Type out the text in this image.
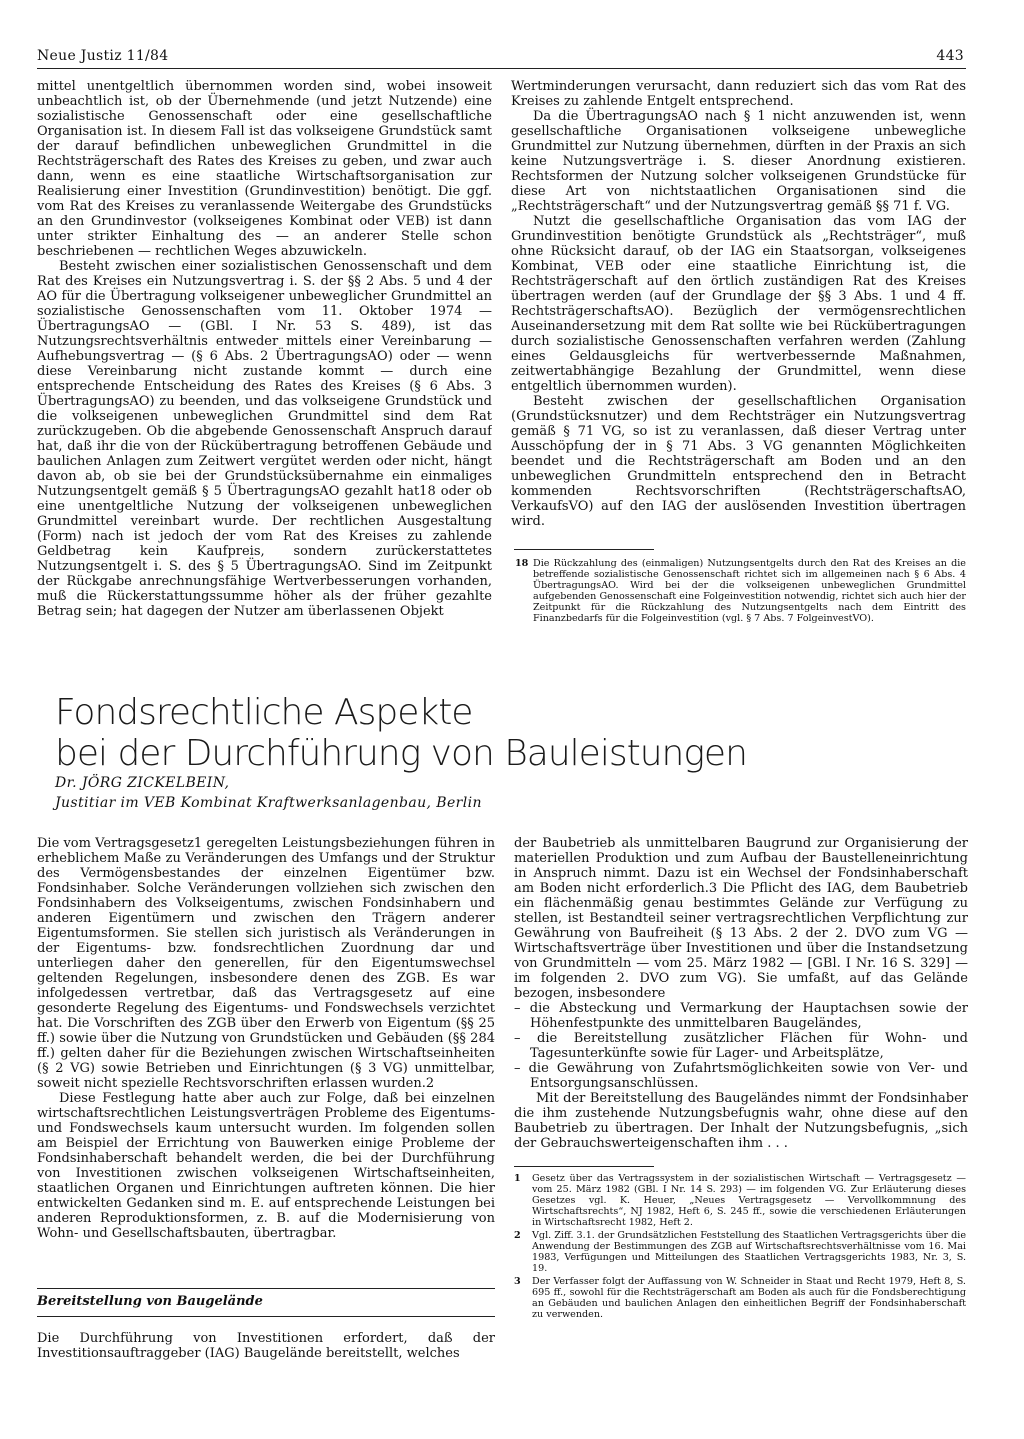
Neue Justiz 11/84	443

mittel unentgeltlich übernommen worden sind, wobei insoweit unbeachtlich ist, ob der Übernehmende (und jetzt Nutzende) eine sozialistische Genossenschaft oder eine gesellschaftliche Organisation ist. In diesem Fall ist das volkseigene Grundstück samt der darauf befindlichen unbeweglichen Grundmittel in die Rechtsträgerschaft des Rates des Kreises zu geben, und zwar auch dann, wenn es eine staatliche Wirtschaftsorganisation zur Realisierung einer Investition (Grundinvestition) benötigt. Die ggf. vom Rat des Kreises zu veranlassende Weitergabe des Grundstücks an den Grundinvestor (volkseigenes Kombinat oder VEB) ist dann unter strikter Einhaltung des — an anderer Stelle schon beschriebenen — rechtlichen Weges abzuwickeln.

Besteht zwischen einer sozialistischen Genossenschaft und dem Rat des Kreises ein Nutzungsvertrag i. S. der §§ 2 Abs. 5 und 4 der AO für die Übertragung volkseigener unbeweglicher Grundmittel an sozialistische Genossenschaften vom 11. Oktober 1974 — ÜbertragungsAO — (GBl. I Nr. 53 S. 489), ist das Nutzungsrechtsverhältnis entweder mittels einer Vereinbarung — Aufhebungsvertrag — (§ 6 Abs. 2 ÜbertragungsAO) oder — wenn diese Vereinbarung nicht zustande kommt — durch eine entsprechende Entscheidung des Rates des Kreises (§ 6 Abs. 3 ÜbertragungsAO) zu beenden, und das volkseigene Grundstück und die volkseigenen unbeweglichen Grundmittel sind dem Rat zurückzugeben. Ob die abgebende Genossenschaft Anspruch darauf hat, daß ihr die von der Rückübertragung betroffenen Gebäude und baulichen Anlagen zum Zeitwert vergütet werden oder nicht, hängt davon ab, ob sie bei der Grundstücksübernahme ein einmaliges Nutzungsentgelt gemäß § 5 ÜbertragungsAO gezahlt hat18 oder ob eine unentgeltliche Nutzung der volkseigenen unbeweglichen Grundmittel vereinbart wurde. Der rechtlichen Ausgestaltung (Form) nach ist jedoch der vom Rat des Kreises zu zahlende Geldbetrag kein Kaufpreis, sondern zurückerstattetes Nutzungsentgelt i. S. des § 5 ÜbertragungsAO. Sind im Zeitpunkt der Rückgabe anrechnungsfähige Wertverbesserungen vorhanden, muß die Rückerstattungssumme höher als der früher gezahlte Betrag sein; hat dagegen der Nutzer am überlassenen Objekt

Wertminderungen verursacht, dann reduziert sich das vom Rat des Kreises zu zahlende Entgelt entsprechend.

Da die ÜbertragungsAO nach § 1 nicht anzuwenden ist, wenn gesellschaftliche Organisationen volkseigene unbewegliche Grundmittel zur Nutzung übernehmen, dürften in der Praxis an sich keine Nutzungsverträge i. S. dieser Anordnung existieren. Rechtsformen der Nutzung solcher volkseigenen Grundstücke für diese Art von nichtstaatlichen Organisationen sind die „Rechtsträgerschaft“ und der Nutzungsvertrag gemäß §§ 71 f. VG.

Nutzt die gesellschaftliche Organisation das vom IAG der Grundinvestition benötigte Grundstück als „Rechtsträger“, muß ohne Rücksicht darauf, ob der IAG ein Staatsorgan, volkseigenes Kombinat, VEB oder eine staatliche Einrichtung ist, die Rechtsträgerschaft auf den örtlich zuständigen Rat des Kreises übertragen werden (auf der Grundlage der §§ 3 Abs. 1 und 4 ff. RechtsträgerschaftsAO). Bezüglich der vermögensrechtlichen Auseinandersetzung mit dem Rat sollte wie bei Rückübertragungen durch sozialistische Genossenschaften verfahren werden (Zahlung eines Geldausgleichs für wertverbessernde Maßnahmen, zeitwertabhängige Bezahlung der Grundmittel, wenn diese entgeltlich übernommen wurden).

Besteht zwischen der gesellschaftlichen Organisation (Grundstücksnutzer) und dem Rechtsträger ein Nutzungsvertrag gemäß § 71 VG, so ist zu veranlassen, daß dieser Vertrag unter Ausschöpfung der in § 71 Abs. 3 VG genannten Möglichkeiten beendet und die Rechtsträgerschaft am Boden und an den unbeweglichen Grundmitteln entsprechend den in Betracht kommenden Rechtsvorschriften (RechtsträgerschaftsAO, VerkaufsVO) auf den IAG der auslösenden Investition übertragen wird.

18 Die Rückzahlung des (einmaligen) Nutzungsentgelts durch den Rat des Kreises an die betreffende sozialistische Genossenschaft richtet sich im allgemeinen nach § 6 Abs. 4 ÜbertragungsAO. Wird bei der die volkseigenen unbeweglichen Grundmittel aufgebenden Genossenschaft eine Folgeinvestition notwendig, richtet sich auch hier der Zeitpunkt für die Rückzahlung des Nutzungsentgelts nach dem Eintritt des Finanzbedarfs für die Folgeinvestition (vgl. § 7 Abs. 7 FolgeinvestVO).
Fondsrechtliche Aspekte
bei der Durchführung von Bauleistungen
Dr. JÖRG ZICKELBEIN,
Justitiar im VEB Kombinat Kraftwerksanlagenbau, Berlin

Die vom Vertragsgesetz1 geregelten Leistungsbeziehungen führen in erheblichem Maße zu Veränderungen des Umfangs und der Struktur des Vermögensbestandes der einzelnen Eigentümer bzw. Fondsinhaber. Solche Veränderungen vollziehen sich zwischen den Fondsinhabern des Volkseigentums, zwischen Fondsinhabern und anderen Eigentümern und zwischen den Trägern anderer Eigentumsformen. Sie stellen sich juristisch als Veränderungen in der Eigentums- bzw. fondsrechtlichen Zuordnung dar und unterliegen daher den generellen, für den Eigentumswechsel geltenden Regelungen, insbesondere denen des ZGB. Es war infolgedessen vertretbar, daß das Vertragsgesetz auf eine gesonderte Regelung des Eigentums- und Fondswechsels verzichtet hat. Die Vorschriften des ZGB über den Erwerb von Eigentum (§§ 25 ff.) sowie über die Nutzung von Grundstücken und Gebäuden (§§ 284 ff.) gelten daher für die Beziehungen zwischen Wirtschaftseinheiten (§ 2 VG) sowie Betrieben und Einrichtungen (§ 3 VG) unmittelbar, soweit nicht spezielle Rechtsvorschriften erlassen wurden.2

Diese Festlegung hatte aber auch zur Folge, daß bei einzelnen wirtschaftsrechtlichen Leistungsverträgen Probleme des Eigentums- und Fondswechsels kaum untersucht wurden. Im folgenden sollen am Beispiel der Errichtung von Bauwerken einige Probleme der Fondsinhaberschaft behandelt werden, die bei der Durchführung von Investitionen zwischen volkseigenen Wirtschaftseinheiten, staatlichen Organen und Einrichtungen auftreten können. Die hier entwickelten Gedanken sind m. E. auf entsprechende Leistungen bei anderen Reproduktionsformen, z. B. auf die Modernisierung von Wohn- und Gesellschaftsbauten, übertragbar.

Bereitstellung von Baugelände

Die Durchführung von Investitionen erfordert, daß der Investitionsauftraggeber (IAG) Baugelände bereitstellt, welches

der Baubetrieb als unmittelbaren Baugrund zur Organisierung der materiellen Produktion und zum Aufbau der Baustelleneinrichtung in Anspruch nimmt. Dazu ist ein Wechsel der Fondsinhaberschaft am Boden nicht erforderlich.3 Die Pflicht des IAG, dem Baubetrieb ein flächenmäßig genau bestimmtes Gelände zur Verfügung zu stellen, ist Bestandteil seiner vertragsrechtlichen Verpflichtung zur Gewährung von Baufreiheit (§ 13 Abs. 2 der 2. DVO zum VG — Wirtschaftsverträge über Investitionen und über die Instandsetzung von Grundmitteln — vom 25. März 1982 — [GBl. I Nr. 16 S. 329] — im folgenden 2. DVO zum VG). Sie umfaßt, auf das Gelände bezogen, insbesondere

– die Absteckung und Vermarkung der Hauptachsen sowie der Höhenfestpunkte des unmittelbaren Baugeländes,
– die Bereitstellung zusätzlicher Flächen für Wohn- und Tagesunterkünfte sowie für Lager- und Arbeitsplätze,
– die Gewährung von Zufahrtsmöglichkeiten sowie von Ver- und Entsorgungsanschlüssen.

Mit der Bereitstellung des Baugeländes nimmt der Fondsinhaber die ihm zustehende Nutzungsbefugnis wahr, ohne diese auf den Baubetrieb zu übertragen. Der Inhalt der Nutzungsbefugnis, „sich der Gebrauchswerteigenschaften ihm . . .

1 Gesetz über das Vertragssystem in der sozialistischen Wirtschaft — Vertragsgesetz — vom 25. März 1982 (GBl. I Nr. 14 S. 293) — im folgenden VG. Zur Erläuterung dieses Gesetzes vgl. K. Heuer, „Neues Vertragsgesetz — Vervollkommnung des Wirtschaftsrechts“, NJ 1982, Heft 6, S. 245 ff., sowie die verschiedenen Erläuterungen in Wirtschaftsrecht 1982, Heft 2.
2 Vgl. Ziff. 3.1. der Grundsätzlichen Feststellung des Staatlichen Vertragsgerichts über die Anwendung der Bestimmungen des ZGB auf Wirtschaftsrechtsverhältnisse vom 16. Mai 1983, Verfügungen und Mitteilungen des Staatlichen Vertragsgerichts 1983, Nr. 3, S. 19.
3 Der Verfasser folgt der Auffassung von W. Schneider in Staat und Recht 1979, Heft 8, S. 695 ff., sowohl für die Rechtsträgerschaft am Boden als auch für die Fondsberechtigung an Gebäuden und baulichen Anlagen den einheitlichen Begriff der Fondsinhaberschaft zu verwenden.
